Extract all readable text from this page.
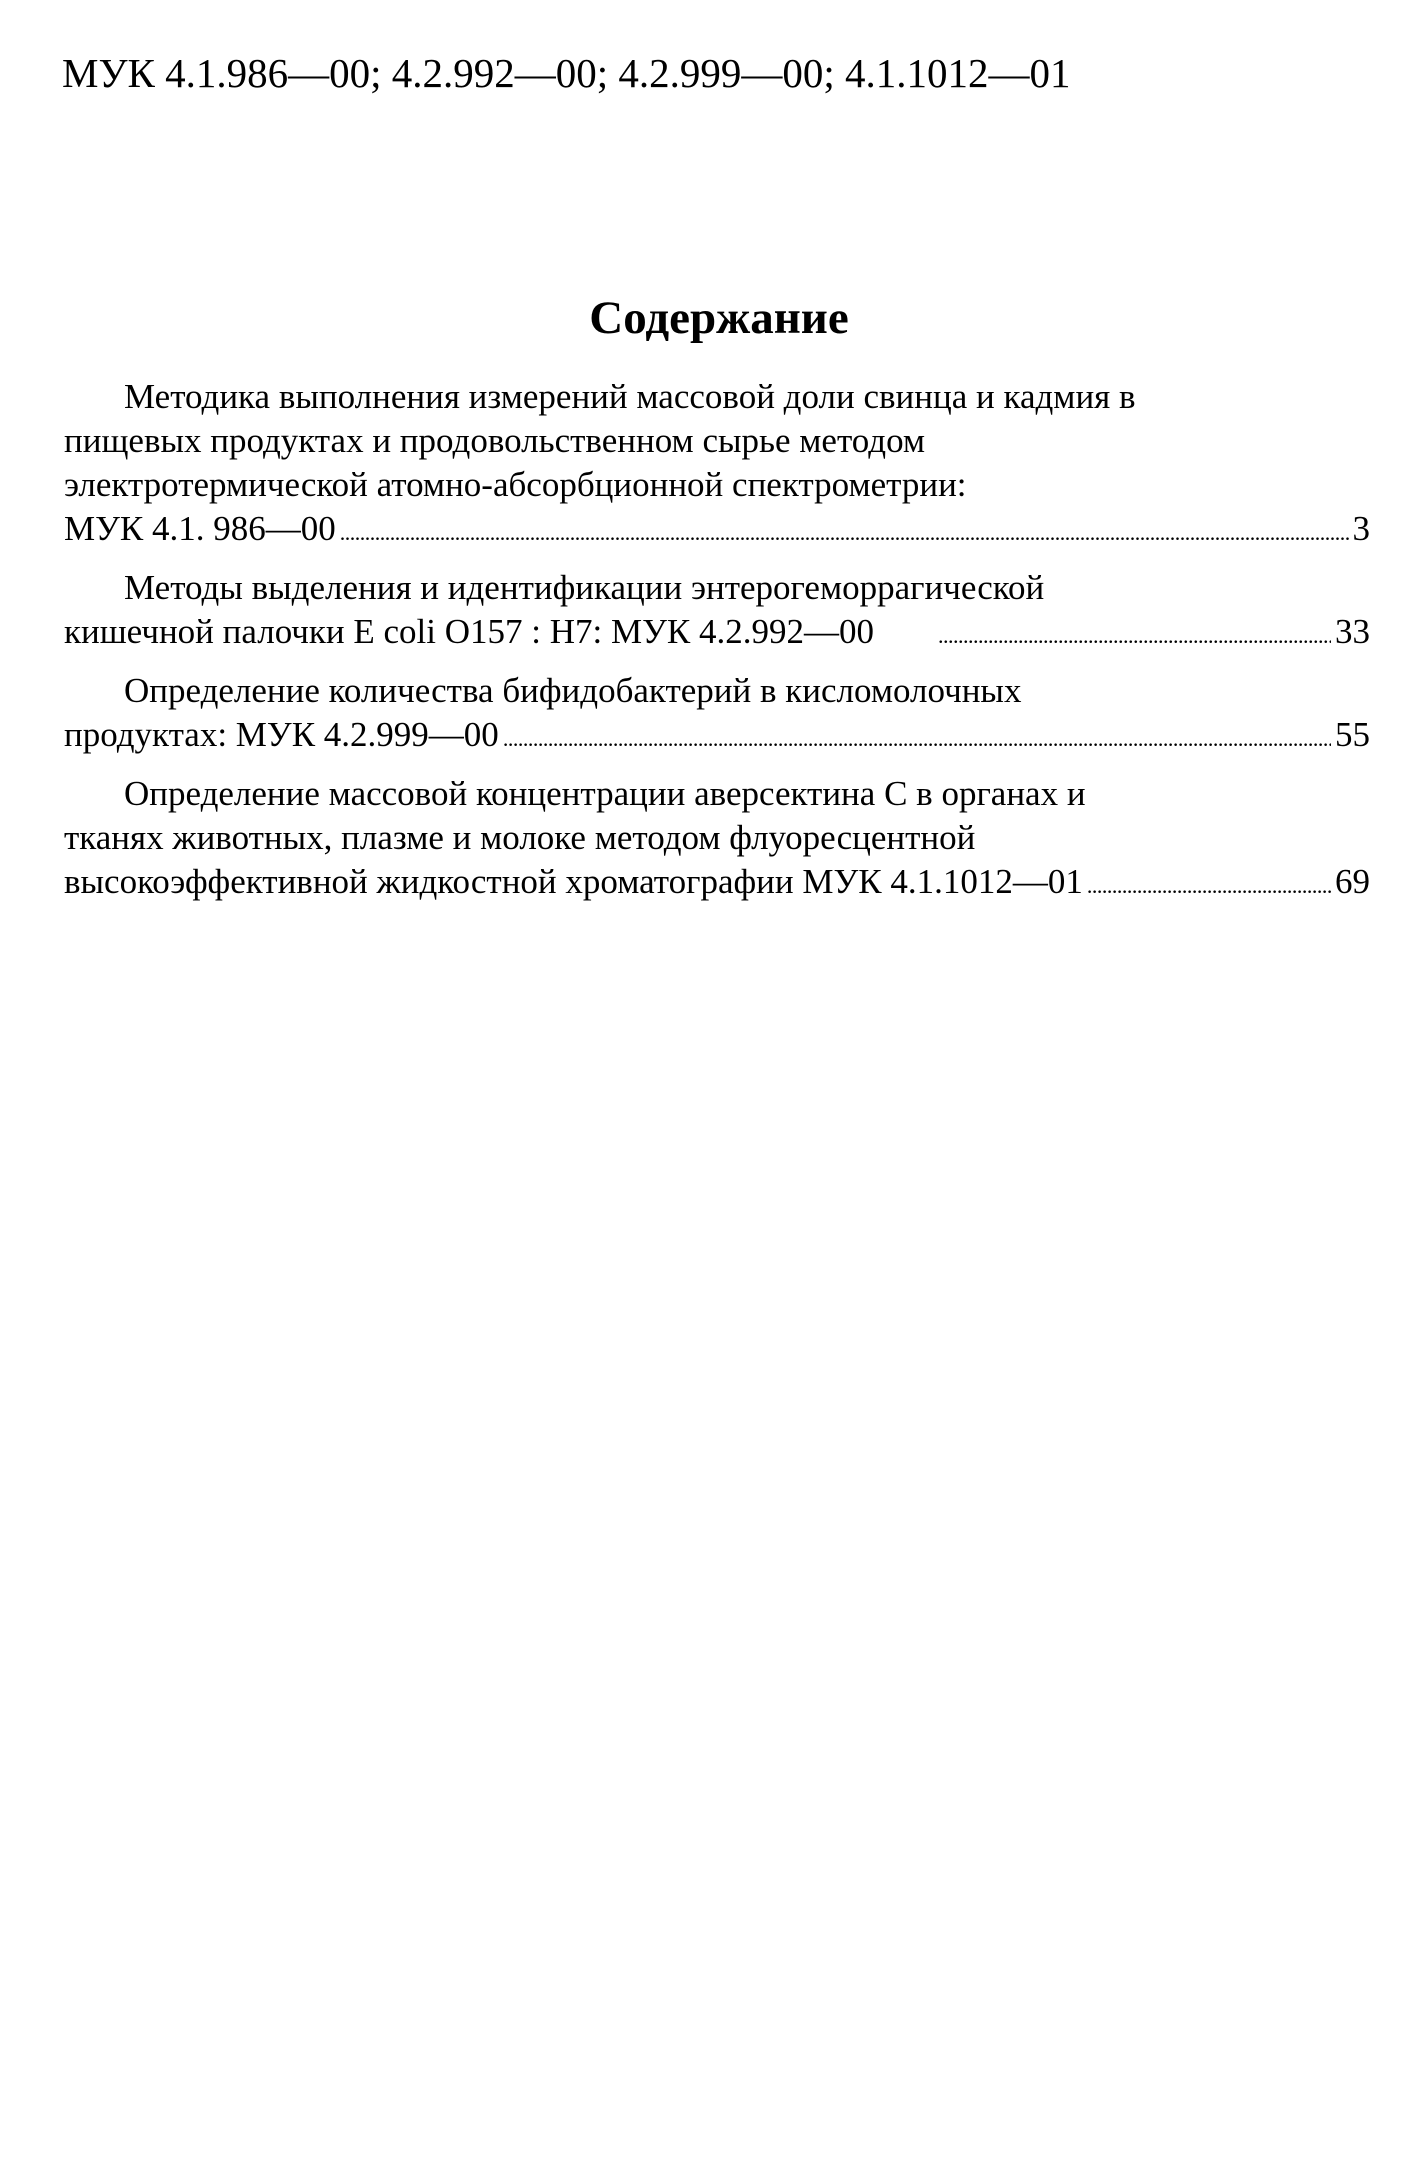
МУК 4.1.986—00; 4.2.992—00; 4.2.999—00; 4.1.1012—01
Содержание
Методика выполнения измерений массовой доли свинца и кадмия в
пищевых продуктах и продовольственном сырье методом
электротермической атомно-абсорбционной спектрометрии:
МУК 4.1. 986—00 . . .	3
Методы выделения и идентификации энтерогеморрагической
кишечной палочки E coli O157 : H7: МУК 4.2.992—00 . . .	33
Определение количества бифидобактерий в кисломолочных
продуктах: МУК 4.2.999—00 . . .	55
Определение массовой концентрации аверсектина С в органах и
тканях животных, плазме и молоке методом флуоресцентной
высокоэффективной жидкостной хроматографии МУК 4.1.1012—01 . . .	69
